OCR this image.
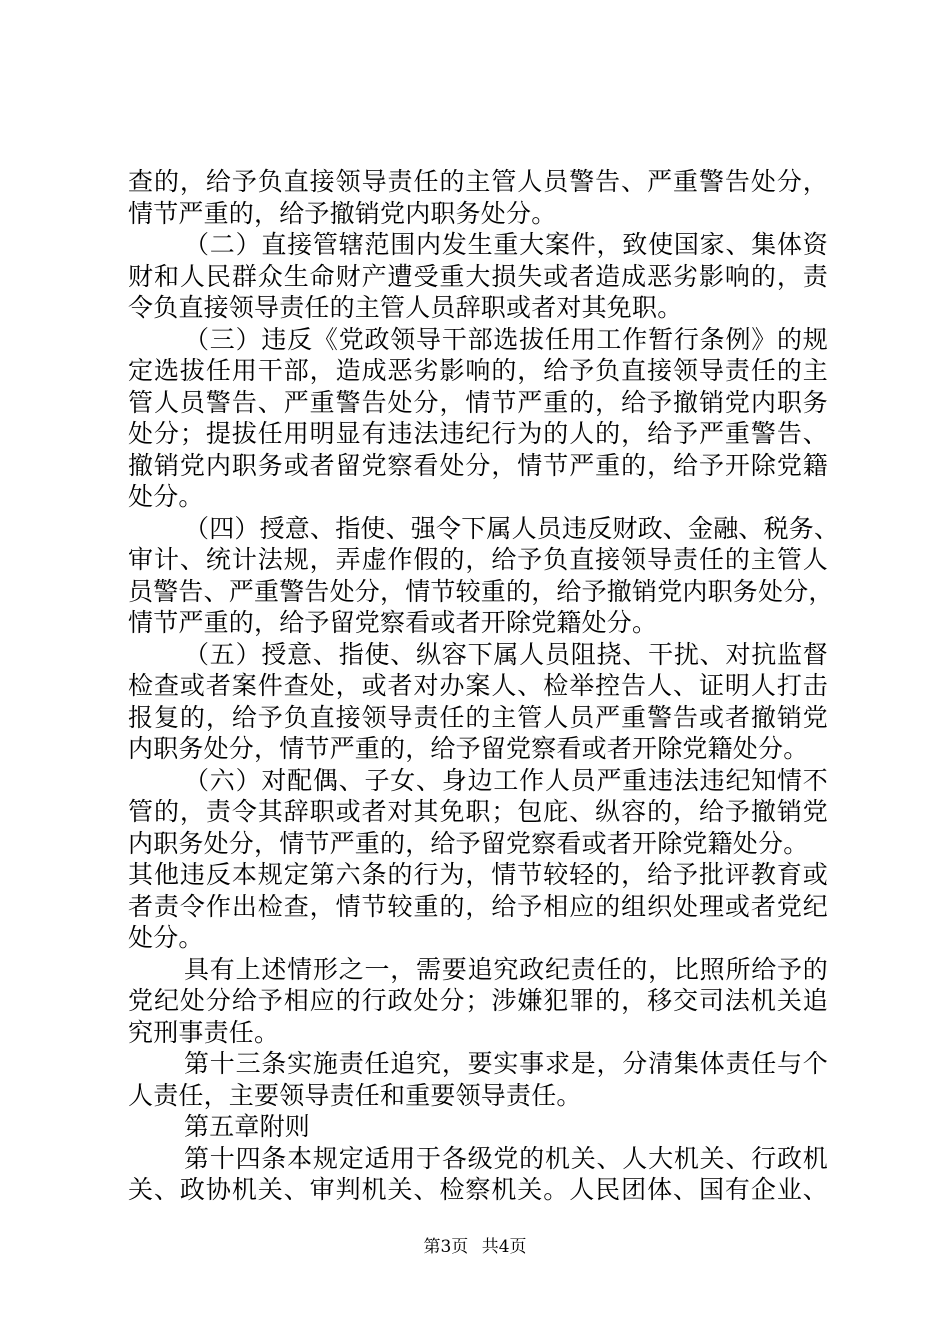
查的，给予负直接领导责任的主管人员警告、严重警告处分，
情节严重的，给予撤销党内职务处分。
（二）直接管辖范围内发生重大案件，致使国家、集体资
财和人民群众生命财产遭受重大损失或者造成恶劣影响的，责
令负直接领导责任的主管人员辞职或者对其免职。
（三）违反《党政领导干部选拔任用工作暂行条例》的规
定选拔任用干部，造成恶劣影响的，给予负直接领导责任的主
管人员警告、严重警告处分，情节严重的，给予撤销党内职务
处分；提拔任用明显有违法违纪行为的人的，给予严重警告、
撤销党内职务或者留党察看处分，情节严重的，给予开除党籍
处分。
（四）授意、指使、强令下属人员违反财政、金融、税务、
审计、统计法规，弄虚作假的，给予负直接领导责任的主管人
员警告、严重警告处分，情节较重的，给予撤销党内职务处分，
情节严重的，给予留党察看或者开除党籍处分。
（五）授意、指使、纵容下属人员阻挠、干扰、对抗监督
检查或者案件查处，或者对办案人、检举控告人、证明人打击
报复的，给予负直接领导责任的主管人员严重警告或者撤销党
内职务处分，情节严重的，给予留党察看或者开除党籍处分。
（六）对配偶、子女、身边工作人员严重违法违纪知情不
管的，责令其辞职或者对其免职；包庇、纵容的，给予撤销党
内职务处分，情节严重的，给予留党察看或者开除党籍处分。
其他违反本规定第六条的行为，情节较轻的，给予批评教育或
者责令作出检查，情节较重的，给予相应的组织处理或者党纪
处分。
具有上述情形之一，需要追究政纪责任的，比照所给予的
党纪处分给予相应的行政处分；涉嫌犯罪的，移交司法机关追
究刑事责任。
第十三条实施责任追究，要实事求是，分清集体责任与个
人责任，主要领导责任和重要领导责任。
第五章附则
第十四条本规定适用于各级党的机关、人大机关、行政机
关、政协机关、审判机关、检察机关。人民团体、国有企业、
第3页 共4页
